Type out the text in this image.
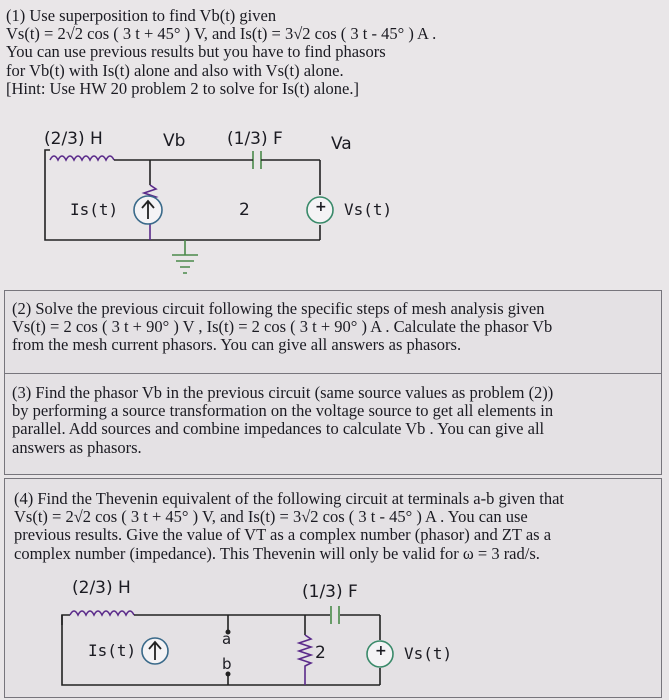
(1) Use superposition to find Vb(t) given
Vs(t) = 2√2 cos ( 3 t + 45° ) V, and Is(t) = 3√2 cos ( 3 t - 45° ) A .
You can use previous results but you have to find phasors
for Vb(t) with Is(t) alone and also with Vs(t) alone.
[Hint: Use HW 20 problem 2 to solve for Is(t) alone.]
(2/3) H	Vb (1/3) F	Va
Is(t)	2	+ Vs(t)
(2) Solve the previous circuit following the specific steps of mesh analysis given
Vs(t) = 2 cos ( 3 t + 90° ) V , Is(t) = 2 cos ( 3 t + 90° ) A . Calculate the phasor Vb
from the mesh current phasors. You can give all answers as phasors.
(3) Find the phasor Vb in the previous circuit (same source values as problem (2))
by performing a source transformation on the voltage source to get all elements in
parallel. Add sources and combine impedances to calculate Vb . You can give all
answers as phasors.
(4) Find the Thevenin equivalent of the following circuit at terminals a-b given that
Vs(t) = 2√2 cos ( 3 t + 45° ) V, and Is(t) = 3√2 cos ( 3 t - 45° ) A . You can use
previous results. Give the value of VT as a complex number (phasor) and ZT as a
complex number (impedance). This Thevenin will only be valid for ω = 3 rad/s.
(2/3) H	(1/3) F
a
b
Is(t)	2	+ Vs(t)
